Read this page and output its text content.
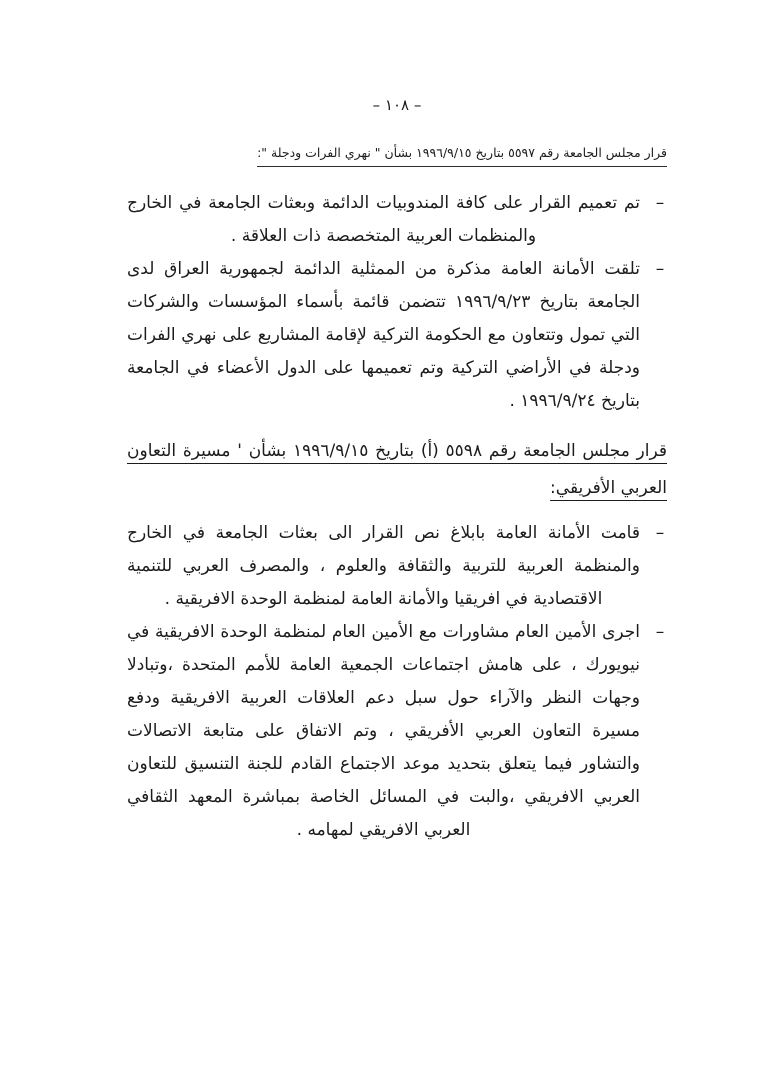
– ١٠٨ –
قرار مجلس الجامعة رقم ٥٥٩٧ بتاريخ ١٩٩٦/٩/١٥ بشأن " نهري الفرات ودجلة ":
–

تم تعميم القرار على كافة المندوبيات الدائمة وبعثات الجامعة في الخارج والمنظمات العربية المتخصصة ذات العلاقة .

–

تلقت الأمانة العامة مذكرة من الممثلية الدائمة لجمهورية العراق لدى الجامعة بتاريخ ١٩٩٦/٩/٢٣ تتضمن قائمة بأسماء المؤسسات والشركات التي تمول وتتعاون مع الحكومة التركية لإقامة المشاريع على نهري الفرات ودجلة في الأراضي التركية وتم تعميمها على الدول الأعضاء في الجامعة بتاريخ ١٩٩٦/٩/٢٤ .

قرار مجلس الجامعة رقم ٥٥٩٨ (أ) بتاريخ ١٩٩٦/٩/١٥ بشأن ' مسيرة التعاون العربي الأفريقي:

–

قامت الأمانة العامة بابلاغ نص القرار الى بعثات الجامعة في الخارج والمنظمة العربية للتربية والثقافة والعلوم ، والمصرف العربي للتنمية الاقتصادية في افريقيا والأمانة العامة لمنظمة الوحدة الافريقية .

–

اجرى الأمين العام مشاورات مع الأمين العام لمنظمة الوحدة الافريقية في نيويورك ، على هامش اجتماعات الجمعية العامة للأمم المتحدة ،وتبادلا وجهات النظر والآراء حول سبل دعم العلاقات العربية الافريقية ودفع مسيرة التعاون العربي الأفريقي ، وتم الاتفاق على متابعة الاتصالات والتشاور فيما يتعلق بتحديد موعد الاجتماع القادم للجنة التنسيق للتعاون العربي الافريقي ،والبت في المسائل الخاصة بمباشرة المعهد الثقافي العربي الافريقي لمهامه .
